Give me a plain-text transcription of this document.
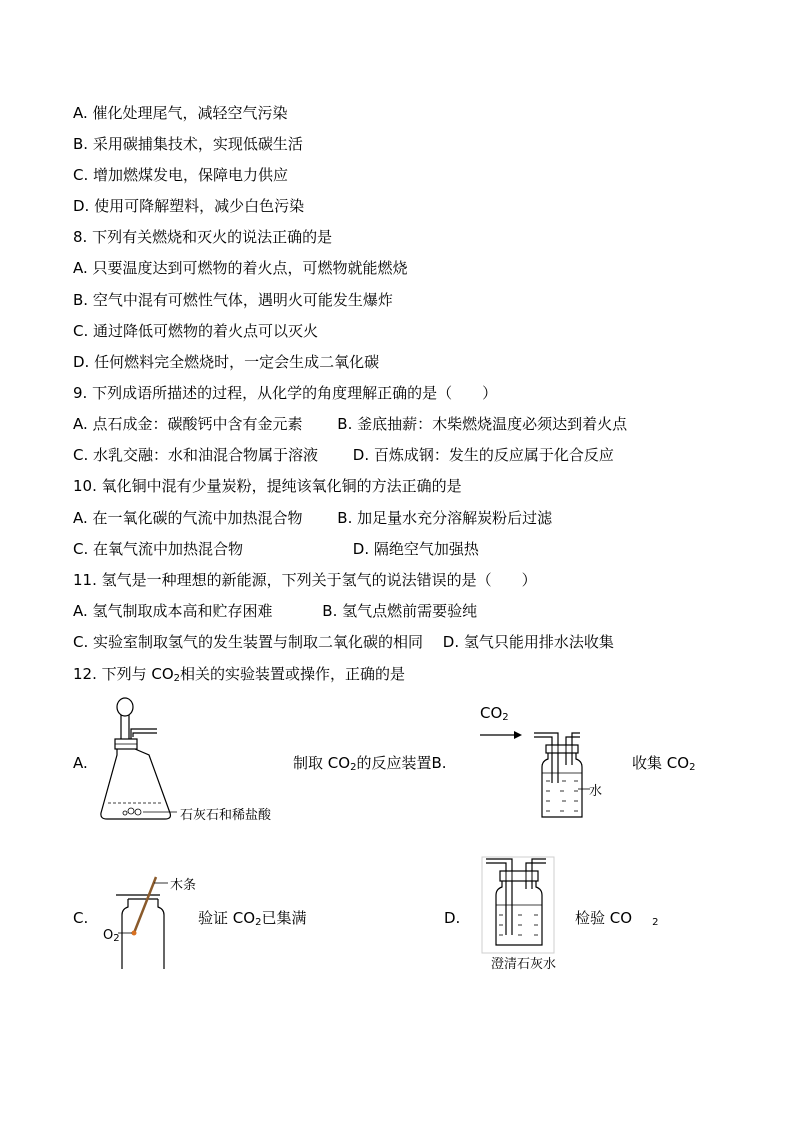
A. 催化处理尾气，减轻空气污染
B. 采用碳捕集技术，实现低碳生活
C. 增加燃煤发电，保障电力供应
D. 使用可降解塑料，减少白色污染
8. 下列有关燃烧和灭火的说法正确的是
A. 只要温度达到可燃物的着火点，可燃物就能燃烧
B. 空气中混有可燃性气体，遇明火可能发生爆炸
C. 通过降低可燃物的着火点可以灭火
D. 任何燃料完全燃烧时，一定会生成二氧化碳
9. 下列成语所描述的过程，从化学的角度理解正确的是（　　）
A. 点石成金：碳酸钙中含有金元素　　 B. 釜底抽薪：木柴燃烧温度必须达到着火点
C. 水乳交融：水和油混合物属于溶液　　 D. 百炼成钢：发生的反应属于化合反应
10. 氧化铜中混有少量炭粉，提纯该氧化铜的方法正确的是
A. 在一氧化碳的气流中加热混合物　　 B. 加足量水充分溶解炭粉后过滤
C. 在氧气流中加热混合物　　　　　　　 D. 隔绝空气加强热
11. 氢气是一种理想的新能源，下列关于氢气的说法错误的是（　　）
A. 氢气制取成本高和贮存困难　　　 B. 氢气点燃前需要验纯
C. 实验室制取氢气的发生装置与制取二氧化碳的相同　 D. 氢气只能用排水法收集
12. 下列与 $CO_2$相关的实验装置或操作，正确的是
A.
石灰石和稀盐酸
制取 $CO_2$的反应装置B.
$CO_2$
水
收集 $CO_2$
C.
木条
$O_2$
验证 $CO_2$已集满	D.
澄清石灰水
检验 CO $_2$
